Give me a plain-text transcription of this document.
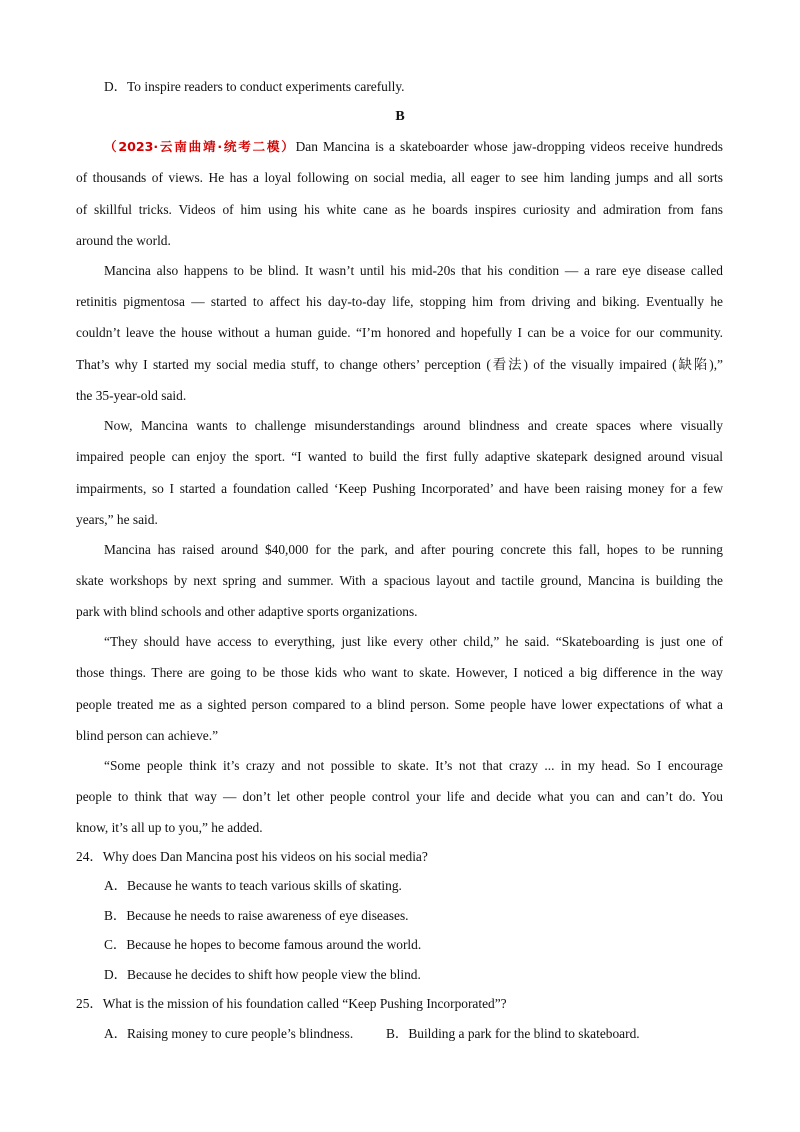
D．To inspire readers to conduct experiments carefully.
B
（2023·云南曲靖·统考二模）Dan Mancina is a skateboarder whose jaw-dropping videos receive hundreds
of thousands of views. He has a loyal following on social media, all eager to see him landing jumps and all sorts
of skillful tricks. Videos of him using his white cane as he boards inspires curiosity and admiration from fans
around the world.
Mancina also happens to be blind. It wasn’t until his mid-20s that his condition — a rare eye disease called
retinitis pigmentosa — started to affect his day-to-day life, stopping him from driving and biking. Eventually he
couldn’t leave the house without a human guide. “I’m honored and hopefully I can be a voice for our community.
That’s why I started my social media stuff, to change others’ perception (看法) of the visually impaired (缺陷),”
the 35-year-old said.
Now, Mancina wants to challenge misunderstandings around blindness and create spaces where visually
impaired people can enjoy the sport. “I wanted to build the first fully adaptive skatepark designed around visual
impairments, so I started a foundation called ‘Keep Pushing Incorporated’ and have been raising money for a few
years,” he said.
Mancina has raised around $40,000 for the park, and after pouring concrete this fall, hopes to be running
skate workshops by next spring and summer. With a spacious layout and tactile ground, Mancina is building the
park with blind schools and other adaptive sports organizations.
“They should have access to everything, just like every other child,” he said. “Skateboarding is just one of
those things. There are going to be those kids who want to skate. However, I noticed a big difference in the way
people treated me as a sighted person compared to a blind person. Some people have lower expectations of what a
blind person can achieve.”
“Some people think it’s crazy and not possible to skate. It’s not that crazy ... in my head. So I encourage
people to think that way — don’t let other people control your life and decide what you can and can’t do. You
know, it’s all up to you,” he added.
24．Why does Dan Mancina post his videos on his social media?
A．Because he wants to teach various skills of skating.
B．Because he needs to raise awareness of eye diseases.
C．Because he hopes to become famous around the world.
D．Because he decides to shift how people view the blind.
25．What is the mission of his foundation called “Keep Pushing Incorporated”?
A．Raising money to cure people’s blindness. B．Building a park for the blind to skateboard.
